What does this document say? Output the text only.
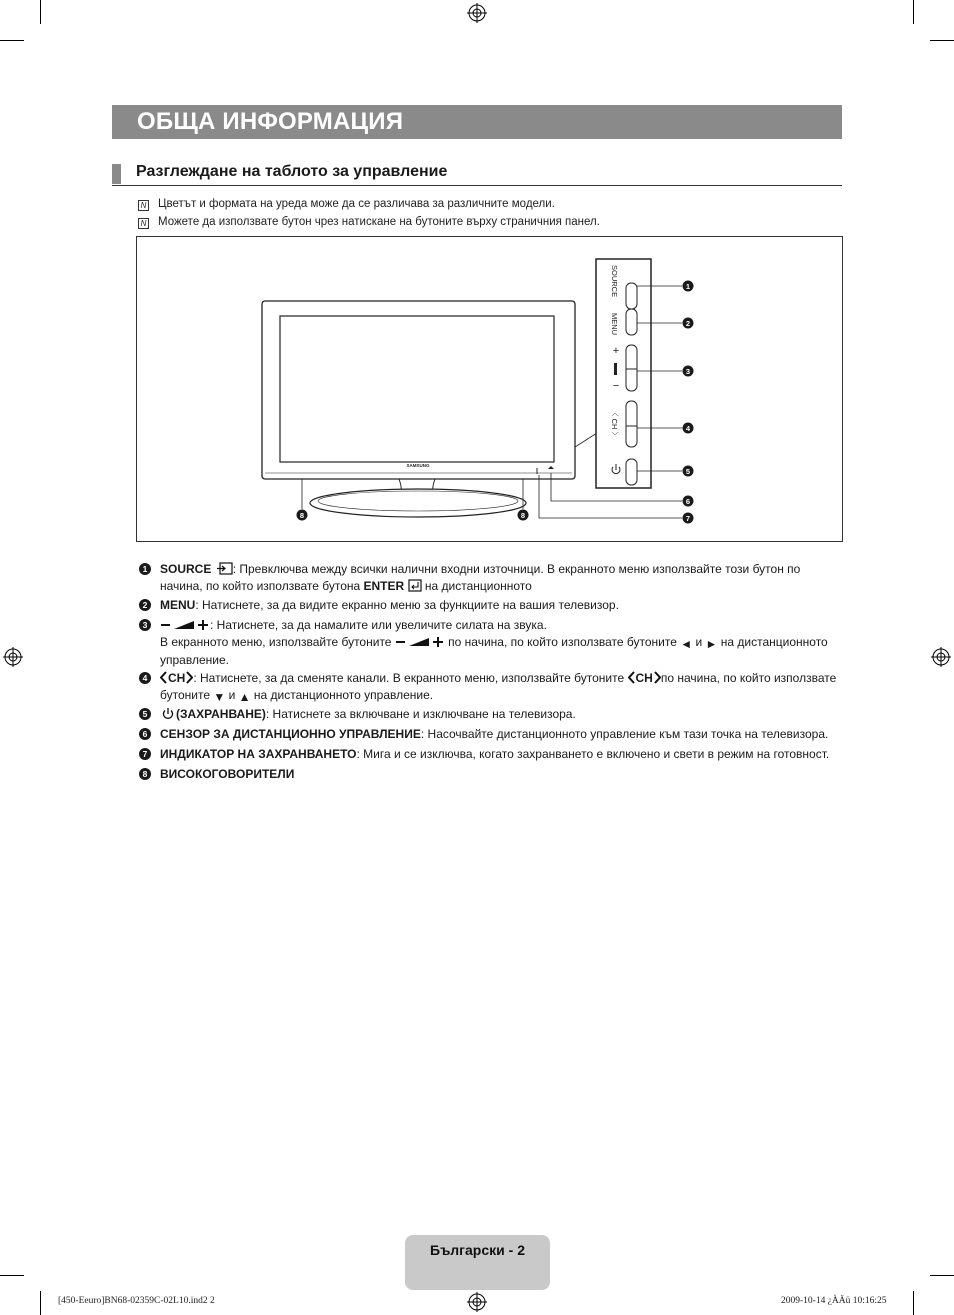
ОБЩА ИНФОРМАЦИЯ
Разглеждане на таблото за управление
N Цветът и формата на уреда може да се различава за различните модели.
N Можете да използвате бутон чрез натискане на бутоните върху страничния панел.
SAMSUNG
8	8
6
7
SOURCE
MENU
+
−
〈 CH 〉
1
2
3
4
5
1	SOURCE : Превключва между всички налични входни източници. В екранното меню използвайте този бутон по начина, по който използвате бутона ENTER  на дистанционното
2	MENU: Натиснете, за да видите екранно меню за функциите на вашия телевизор.
3	: Натиснете, за да намалите или увеличите силата на звука.
В екранното меню, използвайте бутоните	по начина, по който използвате бутоните ◄ и ► на дистанционното управление.
4	CH : Натиснете, за да сменяте канали. В екранното меню, използвайте бутоните CH по начина, по който използвате бутоните ▼ и ▲ на дистанционното управление.
5	(ЗАХРАНВАНЕ): Натиснете за включване и изключване на телевизора.
6	СЕНЗОР ЗА ДИСТАНЦИОННО УПРАВЛЕНИЕ: Насочвайте дистанционното управление към тази точка на телевизора.
7	ИНДИКАТОР НА ЗАХРАНВАНЕТО: Мига и се изключва, когато захранването е включено и свети в режим на готовност.
8	ВИСОКОГОВОРИТЕЛИ
Български - 2
[450-Eeuro]BN68-02359C-02L10.ind2 2	2009-10-14 ¿ÀÄü 10:16:25
